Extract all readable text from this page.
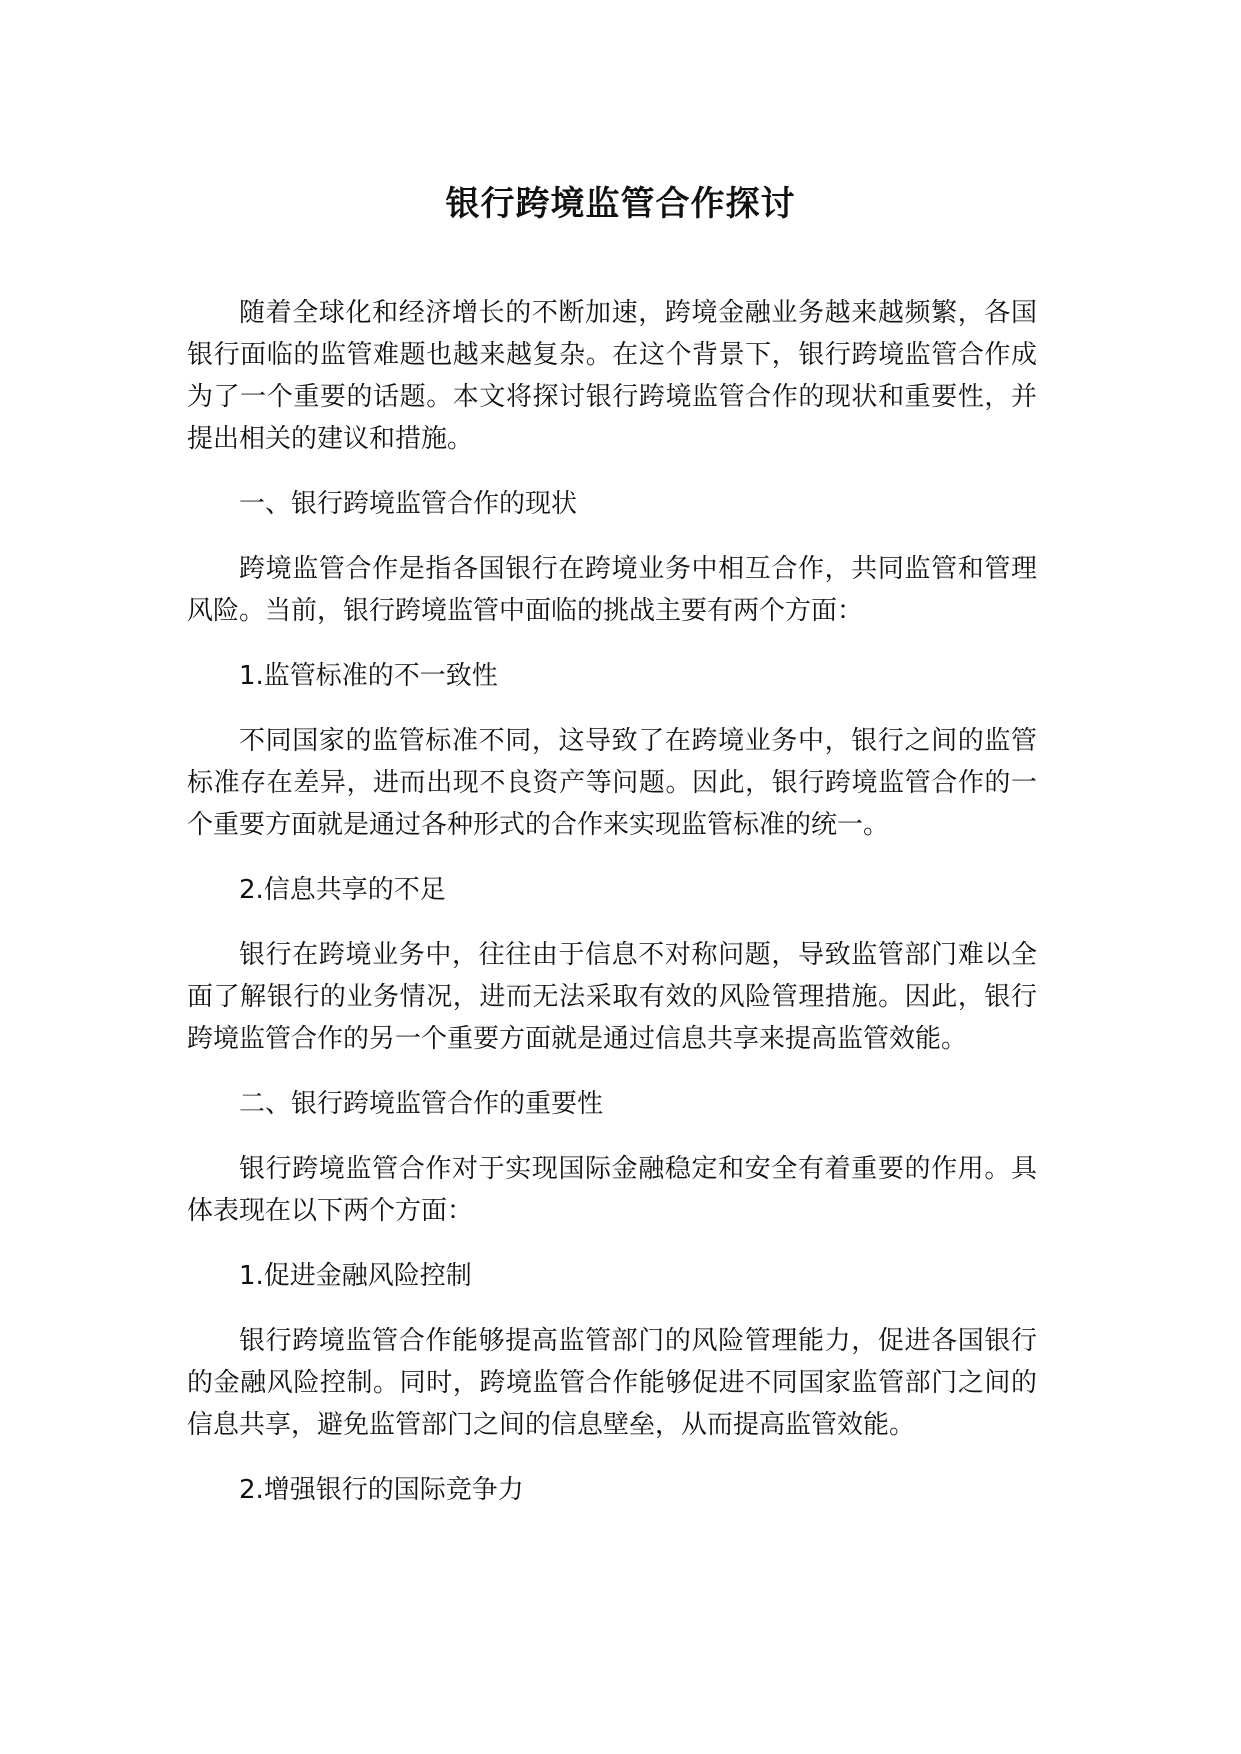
银行跨境监管合作探讨

随着全球化和经济增长的不断加速，跨境金融业务越来越频繁，各国银行面临的监管难题也越来越复杂。在这个背景下，银行跨境监管合作成为了一个重要的话题。本文将探讨银行跨境监管合作的现状和重要性，并提出相关的建议和措施。

一、银行跨境监管合作的现状

跨境监管合作是指各国银行在跨境业务中相互合作，共同监管和管理风险。当前，银行跨境监管中面临的挑战主要有两个方面：

1.监管标准的不一致性

不同国家的监管标准不同，这导致了在跨境业务中，银行之间的监管标准存在差异，进而出现不良资产等问题。因此，银行跨境监管合作的一个重要方面就是通过各种形式的合作来实现监管标准的统一。

2.信息共享的不足

银行在跨境业务中，往往由于信息不对称问题，导致监管部门难以全面了解银行的业务情况，进而无法采取有效的风险管理措施。因此，银行跨境监管合作的另一个重要方面就是通过信息共享来提高监管效能。

二、银行跨境监管合作的重要性

银行跨境监管合作对于实现国际金融稳定和安全有着重要的作用。具体表现在以下两个方面：

1.促进金融风险控制

银行跨境监管合作能够提高监管部门的风险管理能力，促进各国银行的金融风险控制。同时，跨境监管合作能够促进不同国家监管部门之间的信息共享，避免监管部门之间的信息壁垒，从而提高监管效能。

2.增强银行的国际竞争力
